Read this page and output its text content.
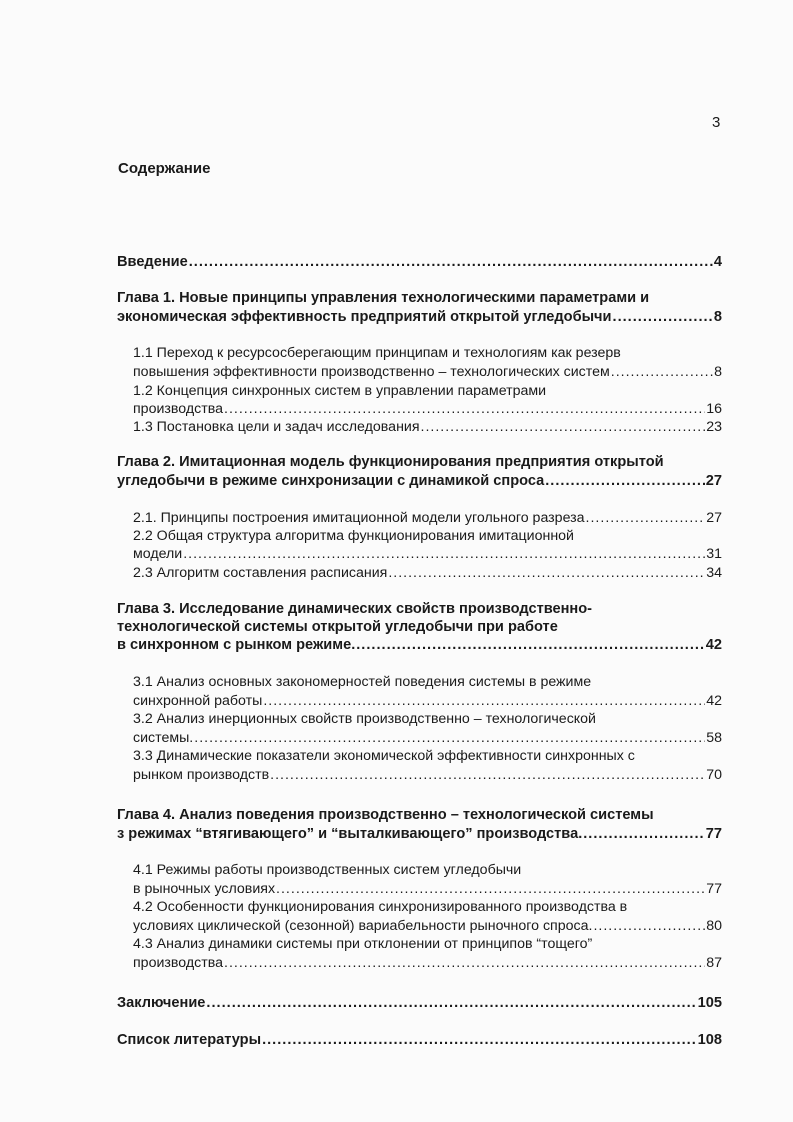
3
Содержание
Введение .....	4
Глава 1. Новые принципы управления технологическими параметрами и
экономическая эффективность предприятий открытой угледобычи .....	8
1.1 Переход к ресурсосберегающим принципам и технологиям как резерв
повышения эффективности производственно – технологических систем .....	8
1.2 Концепция синхронных систем в управлении параметрами
производства .....	16
1.3 Постановка цели и задач исследования .....	23
Глава 2. Имитационная модель функционирования предприятия открытой
угледобычи в режиме синхронизации с динамикой спроса .....	27
2.1. Принципы построения имитационной модели угольного разреза .....	27
2.2 Общая структура алгоритма функционирования имитационной
модели .....	31
2.3 Алгоритм составления расписания .....	34
Глава 3. Исследование динамических свойств производственно-
технологической системы открытой угледобычи при работе
в синхронном с рынком режиме. .....	42
3.1 Анализ основных закономерностей поведения системы в режиме
синхронной работы .....	42
3.2 Анализ инерционных свойств производственно – технологической
системы. .....	58
3.3 Динамические показатели экономической эффективности синхронных с
рынком производств .....	70
Глава 4. Анализ поведения производственно – технологической системы
з режимах “втягивающего” и “выталкивающего” производства. .....	77
4.1 Режимы работы производственных систем угледобычи
в рыночных условиях .....	77
4.2 Особенности функционирования синхронизированного производства в
условиях циклической (сезонной) вариабельности рыночного спроса. .....	80
4.3 Анализ динамики системы при отклонении от принципов “тощего”
производства .....	87
Заключение .....	105
Список литературы .....	108
